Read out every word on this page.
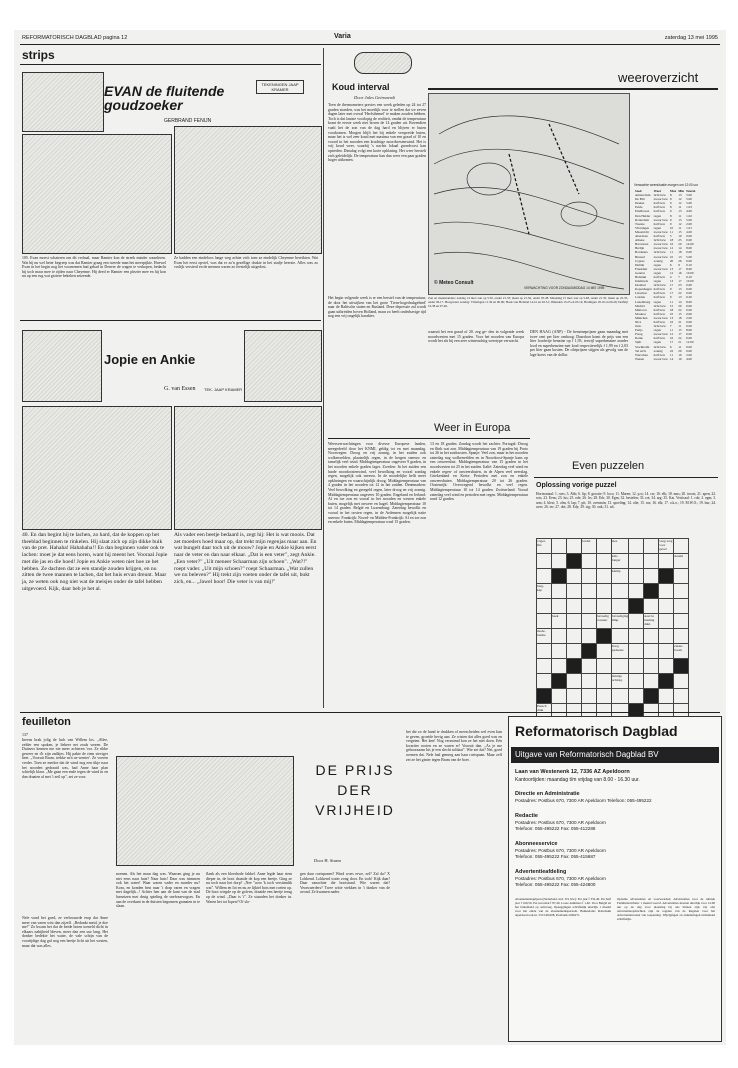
REFORMATORISCH DAGBLAD pagina 12	Varia	zaterdag 13 mei 1995
strips
EVAN de fluitende goudzoeker
TEKENINGEN JAAP KRAMER
GERBRAND FENIJN
105. Evan moest schateren om dit verhaal, maar Ramier kon de streek minder waarderen. Wat hij nu wel beter begreep was dat Ramier graag een tweede man het meerpijkte. Hoewel Evan in het begin nog het voornemen had gehad in Denver de wagen te verkopen, bedacht hij toch maar mee te rijden naar Cheyenne. Hij deed er Ramier een plezier mee en hij kon nu op een rug wat grotere bekeken zeizende.
Ze hadden een eindeloos lange weg achter zich toen ze eindelijk Cheyenne bereikten. Wat Evan het eerst opviel, was dat er zo'n gezellige drukte in het stadje heerste. Alles was zo vrolijk versierd en de mensen waren zo feestelijk uitgedost.
Jopie en Ankie
G. van Essen TEK. JAAP KRAMER
40. En dan begint hij te lachen, zo hard, dat de koppen op het theeblad beginnen te rinkelen. Hij slaat zich op zijn dikke buik van de pret. Hahaha! Hahahaha!! En dan beginnen vader ook te lachen: moet je dat eens horen, want hij meent het. Vooraal Jopie met die jas en die hoed! Jopie en Ankie weten niet hoe ze het hebben. Ze dachten dat ze een standje zouden krijgen, en nu zitten de twee mannen te lachen, dat het huis ervan dreunt. Maar ja, ze weten ook nog niet wat de meisjes onder de tafel hebben uitgevoerd. Kijk, daar heb je het al.
Als vader een beetje bedaard is, zegt hij: Het is wat moois. Dat zet moeders hoed maar op, dat trekt mijn regenjas maar aan. En wat bungelt daar toch uit de mouw? Jopie en Ankie kijken eerst naar de veter en dan naar elkaar. „Dat is een veter", zegt Ankie. „Een veter?" „Uit meneer Schaarman zijn schoen". „Wat?!" roept vader. „Uit mijn schoen?" roept Schaarman. „Wat zullen we nu beleven?" Hij trekt zijn voeten onder de tafel uit, bukt zich, en... „Jawel hoor! Die veter is van mij!"
Koud interval
Door Jules Geirnaerdt
Toen de thermometers precies een week geleden op 24 tot 27 graden stonden, was het moeilijk voor te stellen dat we zeven dagen later met overal 'Herfsthemel' te maken zouden hebben. Toch is dat laatste voorlopig de realiteit, omdat de temperatuur komt de eerste week niet boven de 14 graden uit. Bovendien vaalt het de zon van de dag hard en blijven er buien voorkomen. Morgen blijft het bij enkele verspreide buien, maar het is wel zeer koud met maxima van een graad of 10 en vooral in het noorden een krachtige noordwestenwind. Het is vrij koud weer, waarbij 's nachts lokaal grondvorst kan optreden. Dinsdag volgt een korte opklaring. Het weer herstelt zich geleidelijk. De temperatuur kan dan weer een paar graden hoger uitkomen.
Het begin volgende week is er een herstel van de temperatuur, de door het uitwijken van het grote 'Tiern-hogedrukgebied' naar de Baltische staten en Rusland. Deze depressie zal wordt gaan uitbreiden boven Holland, maar zo heeft onderhavige tijd nog een vrij ongelijk karakter.
weeroverzicht
© Meteo Consult
VERWACHTING VOOR ZONDAGMIDDAG 14 MEI 1995
Zon en maanstanden: zondag 14 mei: zon op 5.50, onder 21.33; maan op 21.56, onder 05.28. Maandag 15 mei: zon op 5.48, onder 21.35; maan op 22.35, onder 06.17. Hoogwater zondag: Vlissingen 11.36 en 00.06; Hoek van Holland 14.41 en 02.51; IJmuiden 15.25 en 03.14; Harlingen 18.10 en 06.26; Delfzijl 19.38 en 07.46.
Verwachte weersituatie morgen om 12:00 uur
Stad	Weer	Max	Min	Neersl.
Amsterdam	licht bew	8	13	5.00
De Bilt	zwaar bew	9	12	5.00
Deelen	half bew	9	12	5.00
Eelde	half bew	8	11	1.03
Eindhoven	half bew	9	13	4.00
Den Helder	regen	8	11	1.02
Rotterdam	zwaar bew	9	13	5.00
Twente	half bew	9	12	2.00
Vlissingen	regen	10	11	1.01
Maastricht	zwaar bew	11	15	4.00
Aberdeen	half bew	5	10	0.00
Athene	licht bew	18	25	0.00
Barcelona	zwaar bew	16	20	14.00
Berlijn	zwaar bew	12	14	8.00
Bordeaux	licht bew	11	18	0.00
Brussel	zwaar bew	10	13	5.00
Cyprus	zonnig	20	26	0.00
Dublin	regen	6	9	0.10
Frankfurt	zwaar bew	13	17	8.00
Genève	regen	12	16	10.00
Helsinki	half bew	4	7	0.10
Innsbruck	regen	13	17	10.00
Istanbul	licht bew	17	23	0.00
Kopenhagen	half bew	9	13	0.00
Lissabon	half bew	17	22	0.00
Londen	half bew	9	13	0.20
Luxemburg	regen	11	14	8.00
Madrid	licht bew	15	20	0.00
Mallorca	half bew	18	22	0.00
Moskou	half bew	10	15	0.00
München	zwaar bew	13	18	2.00
Nice	half bew	16	21	0.00
Oslo	licht bew	7	11	0.00
Parijs	regen	11	15	8.00
Praag	zwaar bew	12	17	6.00
Rome	half bew	16	22	0.00
Split	regen	17	21	12.00
Stockholm	licht bew	6	11	0.00
Tel Aviv	zonnig	22	29	0.00
Warschau	half bew	11	16	2.00
Wenen	zwaar bew	14	19	4.00
waaruit het een graad of 20. zeg ge- den in volgende week noordwesten met 15 graden. Voor het noorden van Europa wordt het als bij een zeer winterachtig weertype verwacht.
DEN HAAG (ANP) - De benzineprijzen gaan maandag met twee cent per liter omhoog. Daardoor komt de prijs van een liter loodvrije benzine op f 1,93, terwijl superbenzine zonder lood en superbenzine met lood respectievelijk f 1,99 en f 2,03 per liter gaan kosten. De olieprijzen stijgen als gevolg van de lage koers van de dollar.
Weer in Europa
Weersverwachtingen voor diverse Europese landen, meegedeeld door het KNMI, geldig tot en met maandag. Noorwegen: Droog en vrij zonnig, in het zuiden ook wolkenvelden, plaatselijk regen, in de bergen sneeuw en tamelijk veel wind. Middagtemperatuur ongeveer 9 graden, in het noorden enkele graden lager. Zweden: In het zuiden een harde noordoostenwind, veel bewolking en vooral zondag regen, mogelijk ook sneeuw. In de noordelijke helft meer opklaringen en waarschijnlijk droog. Middagtemperatuur van 4 graden in het noorden tot 12 in het zuiden. Denemarken: Veel bewolking en geregeld regen, later droog en vrij zonnig. Middagtemperatuur ongeveer 10 graden. Engeland en Ierland: Af en toe zon en vooral in het noorden en westen enkele buien, mogelijk met onweer en hagel. Middagtemperatuur 10 tot 14 graden. België en Luxemburg: Zaterdag bewolkt en vooral in het oosten regen, in de Ardennen mogelijk natte sneeuw. Frankrijk: Noord- en Midden-Frankrijk: Af en toe zon en enkele buien. Middagtemperatuur rond 15 graden.
13 en 18 graden. Zondag wordt het zachter. Portugal: Droog en flink wat zon. Middagtemperatuur van 19 graden bij Porto tot 26 in het zuidoosten. Spanje: Veel zon, maar in het noorden zaterdag nog wolkenvelden en in Noordoost-Spanje kans op een onweersbui. Middagtemperatuur van 15 graden in het noordwesten tot 25 in het zuiden. Italië: Zaterdag veel wind en enkele regen- of onweersbuien, in de Alpen veel neerslag. Griekenland en Kreta: Perioden met zon en enkele onweersbuien. Middagtemperatuur 20 tot 26 graden. Oostenrijk: Overwegend bewolkt en veel regen. Middagtemperatuur 10 tot 14 graden. Zwitserland: Vooral zaterdag veel wind en perioden met regen. Middagtemperatuur rond 12 graden.
Even puzzelen
Oplossing vorige puzzel
Horizontaal: 1. roes; 3. Abb; 6. lip; 8. grootte; 9. loco; 11. Maren; 12. p.st; 14. csr; 16. elk; 18. mus; 20. troost; 21. apen; 22. rots; 23. Eens; 23. lus; 25. ode; 26. lrs; 28. Erk; 30. Egm; 32. bestelen; 33. rot; 34. arg; 35. Kat. Verticaal: 1. rob; 2. egm; 3. arm; 4. blest; 5. olm; 6. lap; 7. pit; 10. ovenmin; 13. spoeling; 14. olie; 15. rus; 16. elk; 17. o.k.o.; 19. M.W.O.; 19. bur; 24. uver; 26. ter; 27. obt; 28. Edy; 29. stg; 30. onk; 31. aft.
vogel-
file			lovdel		slee			vaag zorg
voor gevel	
					kilo-
langer				steuntl
					klemp				
berg-
kap									

	beek			bevredig
coureur	bevrediging
limp.		steel in
leuning
dakl.		
mode-
laatste									
					hoog
gedeeste				zuster-
boom

					mistige
achtrag.				

Paasch
druk									
feuilleton
137
Ineens brak jolig de lach van Willem los. „Allee, zelder een spoken, je liekeer net zoals wezen. De Duitsers kennen me nie meer achteren 'oor. Ze ribbe geweer en d'r zijn zadkjes. Hij pakte de riem steviger beet. „Vooruit Bram, trekke m'n oe-wenter'. Ze voeren verder. Toen ze merkte dat de wind nog een tikje naar het noorden gedraaid was, had Anne haar plan schielijk klaar. „Me gaan een ende tegen de wind in en dan draaien af met 't zeil op", zei ze voor.
Nele vond het goed, ze verbrouwde erop dat Anne meer van varen wist dan zijzelf. „Bedankt meid, je doe me!" Zo kwam het dat de beide boten toeneld dicht in elkaars nabijheid bleven, meer dan een uur lang. Het donker bedekte het water, de vale schijn van de voortijdige dag gaf nog een beetje licht uit het westen, maar dat was alles.
noenen. Als het maar dag was. Waarom ging je nu niet eens naar huis? Naar huis! Daar was trimmen ook het water! Waar waren vader en moeder nu? Kom, en konden best naar 't dorp varen en vragen met dagelijk...! Achter hen aan de kant van de stad harsetzen met druig spieling de snelvaarvogses. En aan de overkant in de duisten begonnen granaten in te slaan.
flank als een bloedrode fakkel. Anne legde haar riem dieper in, de boot draaide de kop een beetje. Ging ze nu toch naar het dorp? „Nee "ooro 'k toch verstinnlik wat". Willem en Iot en nu ze lijktel bots met roeien op. De boot wiegde op de golven, draaide een heetje terug op de wind. „Daar is 't". Ze stuurden het donker in. Waren het tot Iopen? Of slo-
DE PRIJS DER VRIJHEID
Door H. Sturm
gen daar roeispanen? Wind woes erwe, zel? Zal da? X Lokkend. Lokkend water zong door. En toch! Kijk daar! Daar vanachter die bootstand. Wie waren dat? Verawaerders? Twee witte viekken in 't donker van de avond. Ze kwamen nader.
het die zo de hand te drukken of meescheiden wel even kun te geven, groeide hevig aan. Ze wisten dat alles goed was en vergeten. Het ken! Nog verzuimd kon ze het niet doen. Eén kwartier rooien en ze waren er! Vooruit dan. „As je me gehoorzaam bis je een slecht soldaat". Wie zei dat? Net, goed roemen dat. Nele had gemerg aan haar roeispaan. Maar zelf zei ze het ginter tegen Bram van de boer.
Reformatorisch Dagblad
Uitgave van Reformatorisch Dagblad BV
Laan van Westenenk 12, 7336 AZ Apeldoorn
Kantoortijden: maandag t/m vrijdag van 8.00 - 16.30 uur.
Directie en Administratie
Postadres: Postbus 670, 7300 AR Apeldoorn Telefoon: 055-495222
Redactie
Postadres: Postbus 670, 7300 AR Apeldoorn
Telefoon: 055-495222 Fax: 055-412288
Abonneeservice
Postadres: Postbus 670, 7300 AR Apeldoorn
Telefoon: 055-495222 Fax: 055-415687
Advertentieafdeling
Postadres: Postbus 670, 7300 AR Apeldoorn
Telefoon: 055-495222 Fax: 055-424800
Abonnementsprijzen (Nederland, incl. 6% btw): Per jaar f 332,40. Per half jaar f 169,50. Per kwartaal f 87,40. Losse nummers f 1,40. Voor België en het buitenland op aanvraag. Opzeggingen schriftelijk uiterlijk 1 maand voor het einde van de abonnementsperiode. Bankrelatie: Rabobank Apeldoorn rek.nr. 3313.48.608, Postbank 2266271.
Opname advertenties en voorwaarden: Advertenties voor de rubriek Familieberichten: 1 maand vooraf. Advertenties moeten uiterlijk voor 12.00 uur op de dag voor plaatsing bij ons binnen zijn. Op alle advertentieopdrachten zijn de regelen van de Regelen voor het Advertentiewezen van toepassing. Wijzigingen en annuleringen uitsluitend schriftelijk.
